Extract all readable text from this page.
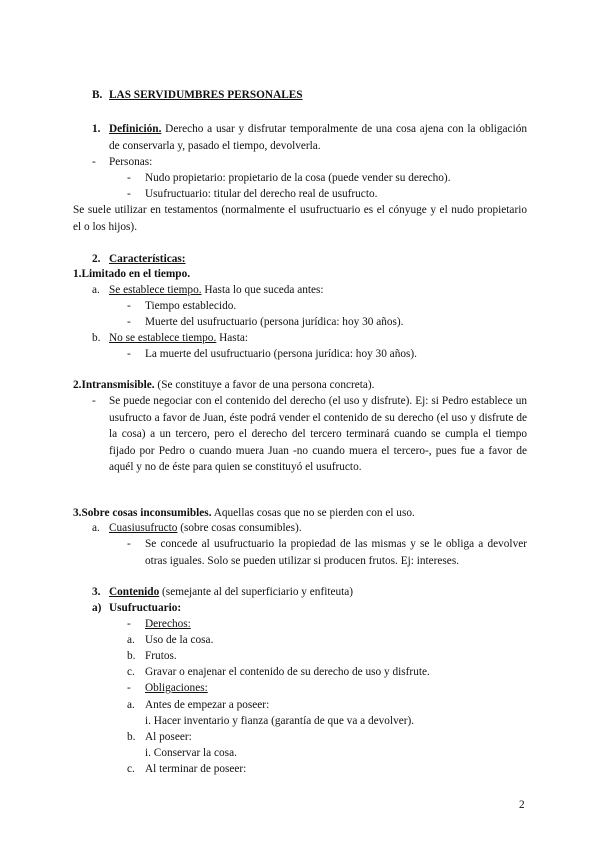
B. LAS SERVIDUMBRES PERSONALES
1. Definición. Derecho a usar y disfrutar temporalmente de una cosa ajena con la obligación de conservarla y, pasado el tiempo, devolverla.
- Personas:
- Nudo propietario: propietario de la cosa (puede vender su derecho).
- Usufructuario: titular del derecho real de usufructo.
Se suele utilizar en testamentos (normalmente el usufructuario es el cónyuge y el nudo propietario el o los hijos).
2. Características:
1.Limitado en el tiempo.
a. Se establece tiempo. Hasta lo que suceda antes:
- Tiempo establecido.
- Muerte del usufructuario (persona jurídica: hoy 30 años).
b. No se establece tiempo. Hasta:
- La muerte del usufructuario (persona jurídica: hoy 30 años).
2.Intransmisible. (Se constituye a favor de una persona concreta).
- Se puede negociar con el contenido del derecho (el uso y disfrute). Ej: si Pedro establece un usufructo a favor de Juan, éste podrá vender el contenido de su derecho (el uso y disfrute de la cosa) a un tercero, pero el derecho del tercero terminará cuando se cumpla el tiempo fijado por Pedro o cuando muera Juan -no cuando muera el tercero-, pues fue a favor de aquél y no de éste para quien se constituyó el usufructo.
3.Sobre cosas inconsumibles. Aquellas cosas que no se pierden con el uso.
a. Cuasiusufructo (sobre cosas consumibles).
- Se concede al usufructuario la propiedad de las mismas y se le obliga a devolver otras iguales. Solo se pueden utilizar si producen frutos. Ej: intereses.
3. Contenido (semejante al del superficiario y enfiteuta)
a) Usufructuario:
- Derechos:
a. Uso de la cosa.
b. Frutos.
c. Gravar o enajenar el contenido de su derecho de uso y disfrute.
- Obligaciones:
a. Antes de empezar a poseer:
i. Hacer inventario y fianza (garantía de que va a devolver).
b. Al poseer:
i. Conservar la cosa.
c. Al terminar de poseer:
2
